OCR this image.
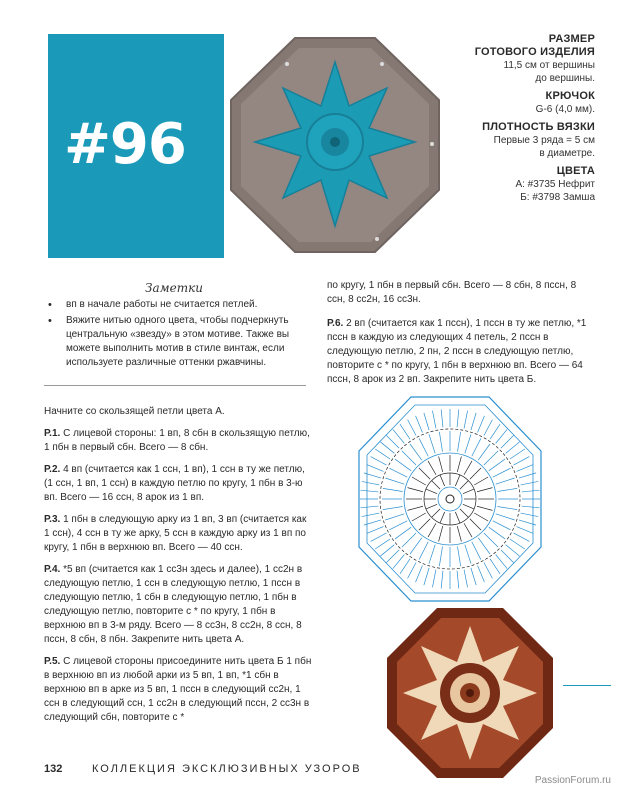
#96
РАЗМЕР
ГОТОВОГО ИЗДЕЛИЯ
11,5 см от вершины
до вершины.
КРЮЧОК
G-6 (4,0 мм).
ПЛОТНОСТЬ ВЯЗКИ
Первые 3 ряда = 5 см
в диаметре.
ЦВЕТА
A: #3735 Нефрит
Б: #3798 Замша
Заметки
• вп в начале работы не считается петлей.
• Вяжите нитью одного цвета, чтобы подчеркнуть центральную «звезду» в этом мотиве. Также вы можете выполнить мотив в стиле винтаж, если используете различные оттенки ржавчины.

Начните со скользящей петли цвета А.

Р.1. С лицевой стороны: 1 вп, 8 сбн в скользящую петлю, 1 пбн в первый сбн. Всего — 8 сбн.

Р.2. 4 вп (считается как 1 ссн, 1 вп), 1 ссн в ту же петлю, (1 ссн, 1 вп, 1 ссн) в каждую петлю по кругу, 1 пбн в 3-ю вп. Всего — 16 ссн, 8 арок из 1 вп.

Р.3. 1 пбн в следующую арку из 1 вп, 3 вп (считается как 1 ссн), 4 ссн в ту же арку, 5 ссн в каждую арку из 1 вп по кругу, 1 пбн в верхнюю вп. Всего — 40 ссн.

Р.4. *5 вп (считается как 1 сс3н здесь и далее), 1 сс2н в следующую петлю, 1 ссн в следующую петлю, 1 пссн в следующую петлю, 1 сбн в следующую петлю, 1 пбн в следующую петлю, повторите с * по кругу, 1 пбн в верхнюю вп в 3-м ряду. Всего — 8 сс3н, 8 сс2н, 8 ссн, 8 пссн, 8 сбн, 8 пбн. Закрепите нить цвета А.

Р.5. С лицевой стороны присоедините нить цвета Б 1 пбн в верхнюю вп из любой арки из 5 вп, 1 вп, *1 сбн в верхнюю вп в арке из 5 вп, 1 пссн в следующий сс2н, 1 ссн в следующий ссн, 1 сс2н в следующий пссн, 2 сс3н в следующий сбн, повторите с *

по кругу, 1 пбн в первый сбн. Всего — 8 сбн, 8 пссн, 8 ссн, 8 сс2н, 16 сс3н.

Р.6. 2 вп (считается как 1 пссн), 1 пссн в ту же петлю, *1 пссн в каждую из следующих 4 петель, 2 пссн в следующую петлю, 2 пн, 2 пссн в следующую петлю, повторите с * по кругу, 1 пбн в верхнюю вп. Всего — 64 пссн, 8 арок из 2 вп. Закрепите нить цвета Б.

132	КОЛЛЕКЦИЯ ЭКСКЛЮЗИВНЫХ УЗОРОВ
PassionForum.ru
